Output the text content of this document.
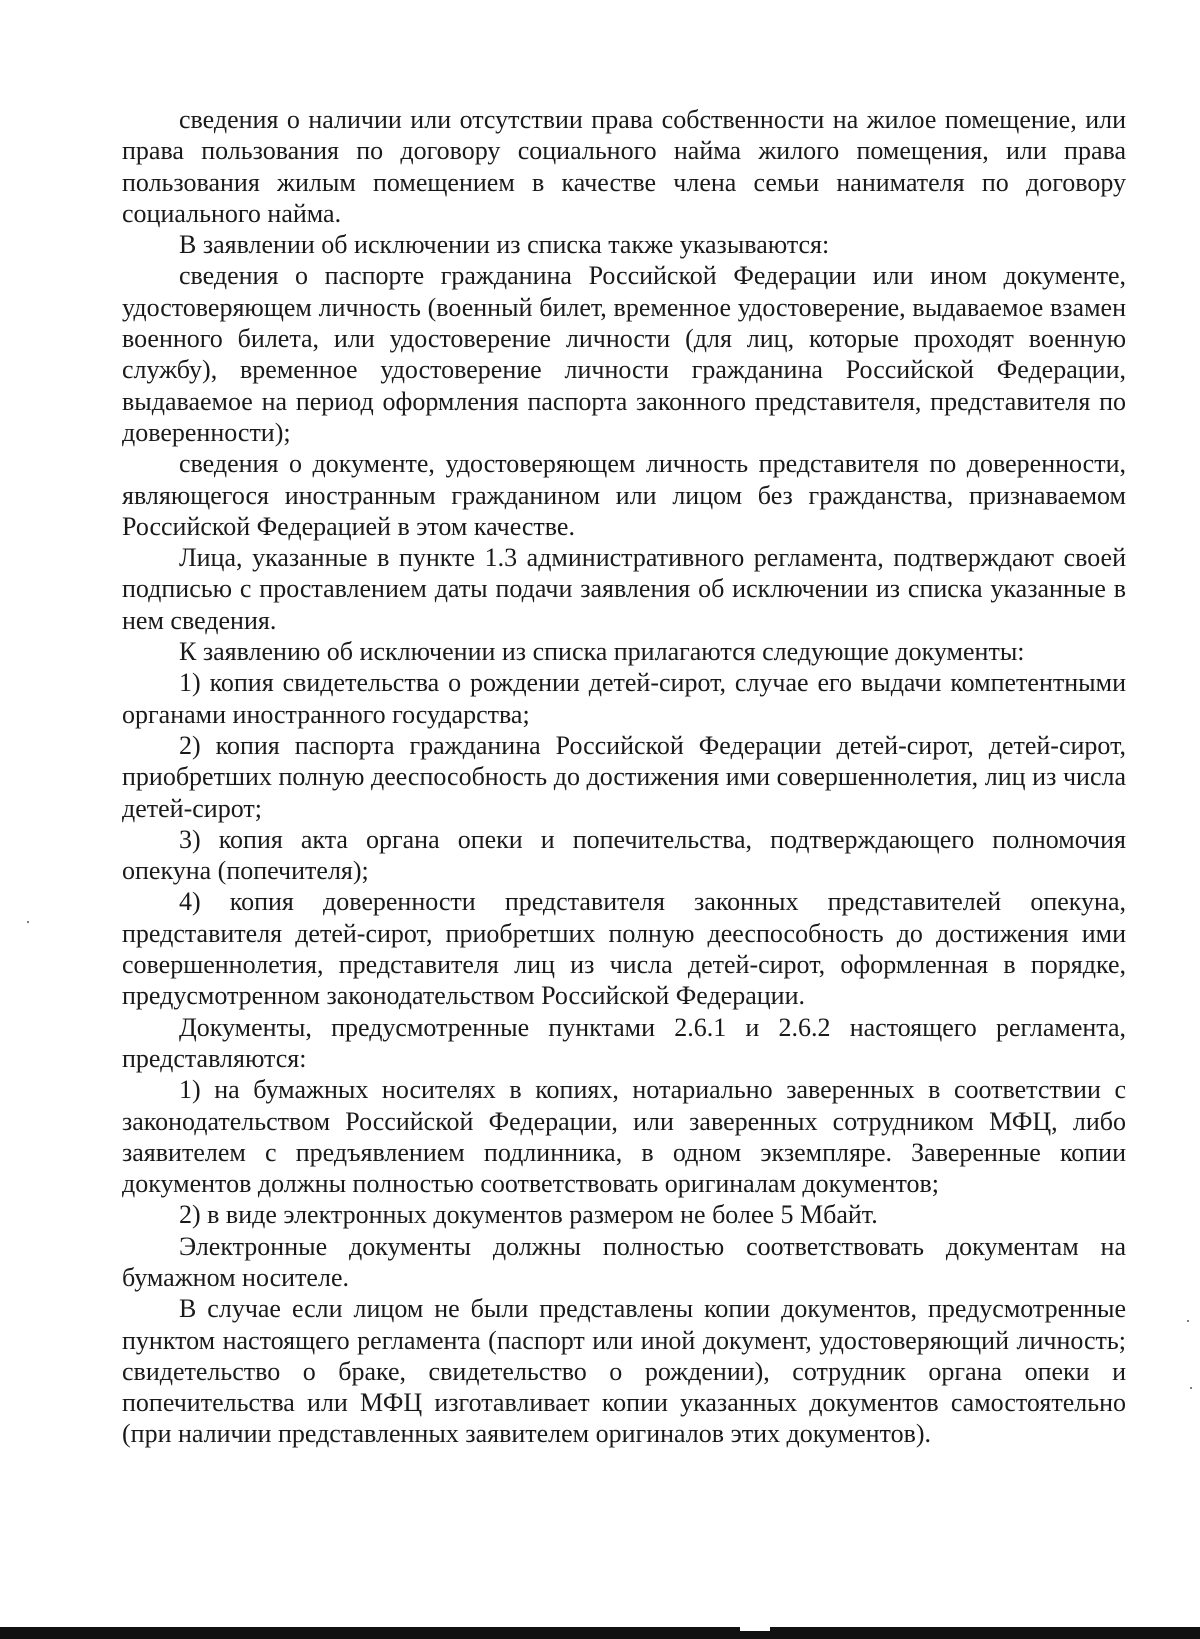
сведения о наличии или отсутствии права собственности на жилое помещение, или права пользования по договору социального найма жилого помещения, или права пользования жилым помещением в качестве члена семьи нанимателя по договору социального найма.

В заявлении об исключении из списка также указываются:

сведения о паспорте гражданина Российской Федерации или ином документе, удостоверяющем личность (военный билет, временное удостоверение, выдаваемое взамен военного билета, или удостоверение личности (для лиц, которые проходят военную службу), временное удостоверение личности гражданина Российской Федерации, выдаваемое на период оформления паспорта законного представителя, представителя по доверенности);

сведения о документе, удостоверяющем личность представителя по доверенности, являющегося иностранным гражданином или лицом без гражданства, признаваемом Российской Федерацией в этом качестве.

Лица, указанные в пункте 1.3 административного регламента, подтверждают своей подписью с проставлением даты подачи заявления об исключении из списка указанные в нем сведения.

К заявлению об исключении из списка прилагаются следующие документы:

1) копия свидетельства о рождении детей-сирот, случае его выдачи компетентными органами иностранного государства;

2) копия паспорта гражданина Российской Федерации детей-сирот, детей-сирот, приобретших полную дееспособность до достижения ими совершеннолетия, лиц из числа детей-сирот;

3) копия акта органа опеки и попечительства, подтверждающего полномочия опекуна (попечителя);

4) копия доверенности представителя законных представителей опекуна, представителя детей-сирот, приобретших полную дееспособность до достижения ими совершеннолетия, представителя лиц из числа детей-сирот, оформленная в порядке, предусмотренном законодательством Российской Федерации.

Документы, предусмотренные пунктами 2.6.1 и 2.6.2 настоящего регламента, представляются:

1) на бумажных носителях в копиях, нотариально заверенных в соответствии с законодательством Российской Федерации, или заверенных сотрудником МФЦ, либо заявителем с предъявлением подлинника, в одном экземпляре. Заверенные копии документов должны полностью соответствовать оригиналам документов;

2) в виде электронных документов размером не более 5 Мбайт.

Электронные документы должны полностью соответствовать документам на бумажном носителе.

В случае если лицом не были представлены копии документов, предусмотренные пунктом настоящего регламента (паспорт или иной документ, удостоверяющий личность; свидетельство о браке, свидетельство о рождении), сотрудник органа опеки и попечительства или МФЦ изготавливает копии указанных документов самостоятельно (при наличии представленных заявителем оригиналов этих документов).
